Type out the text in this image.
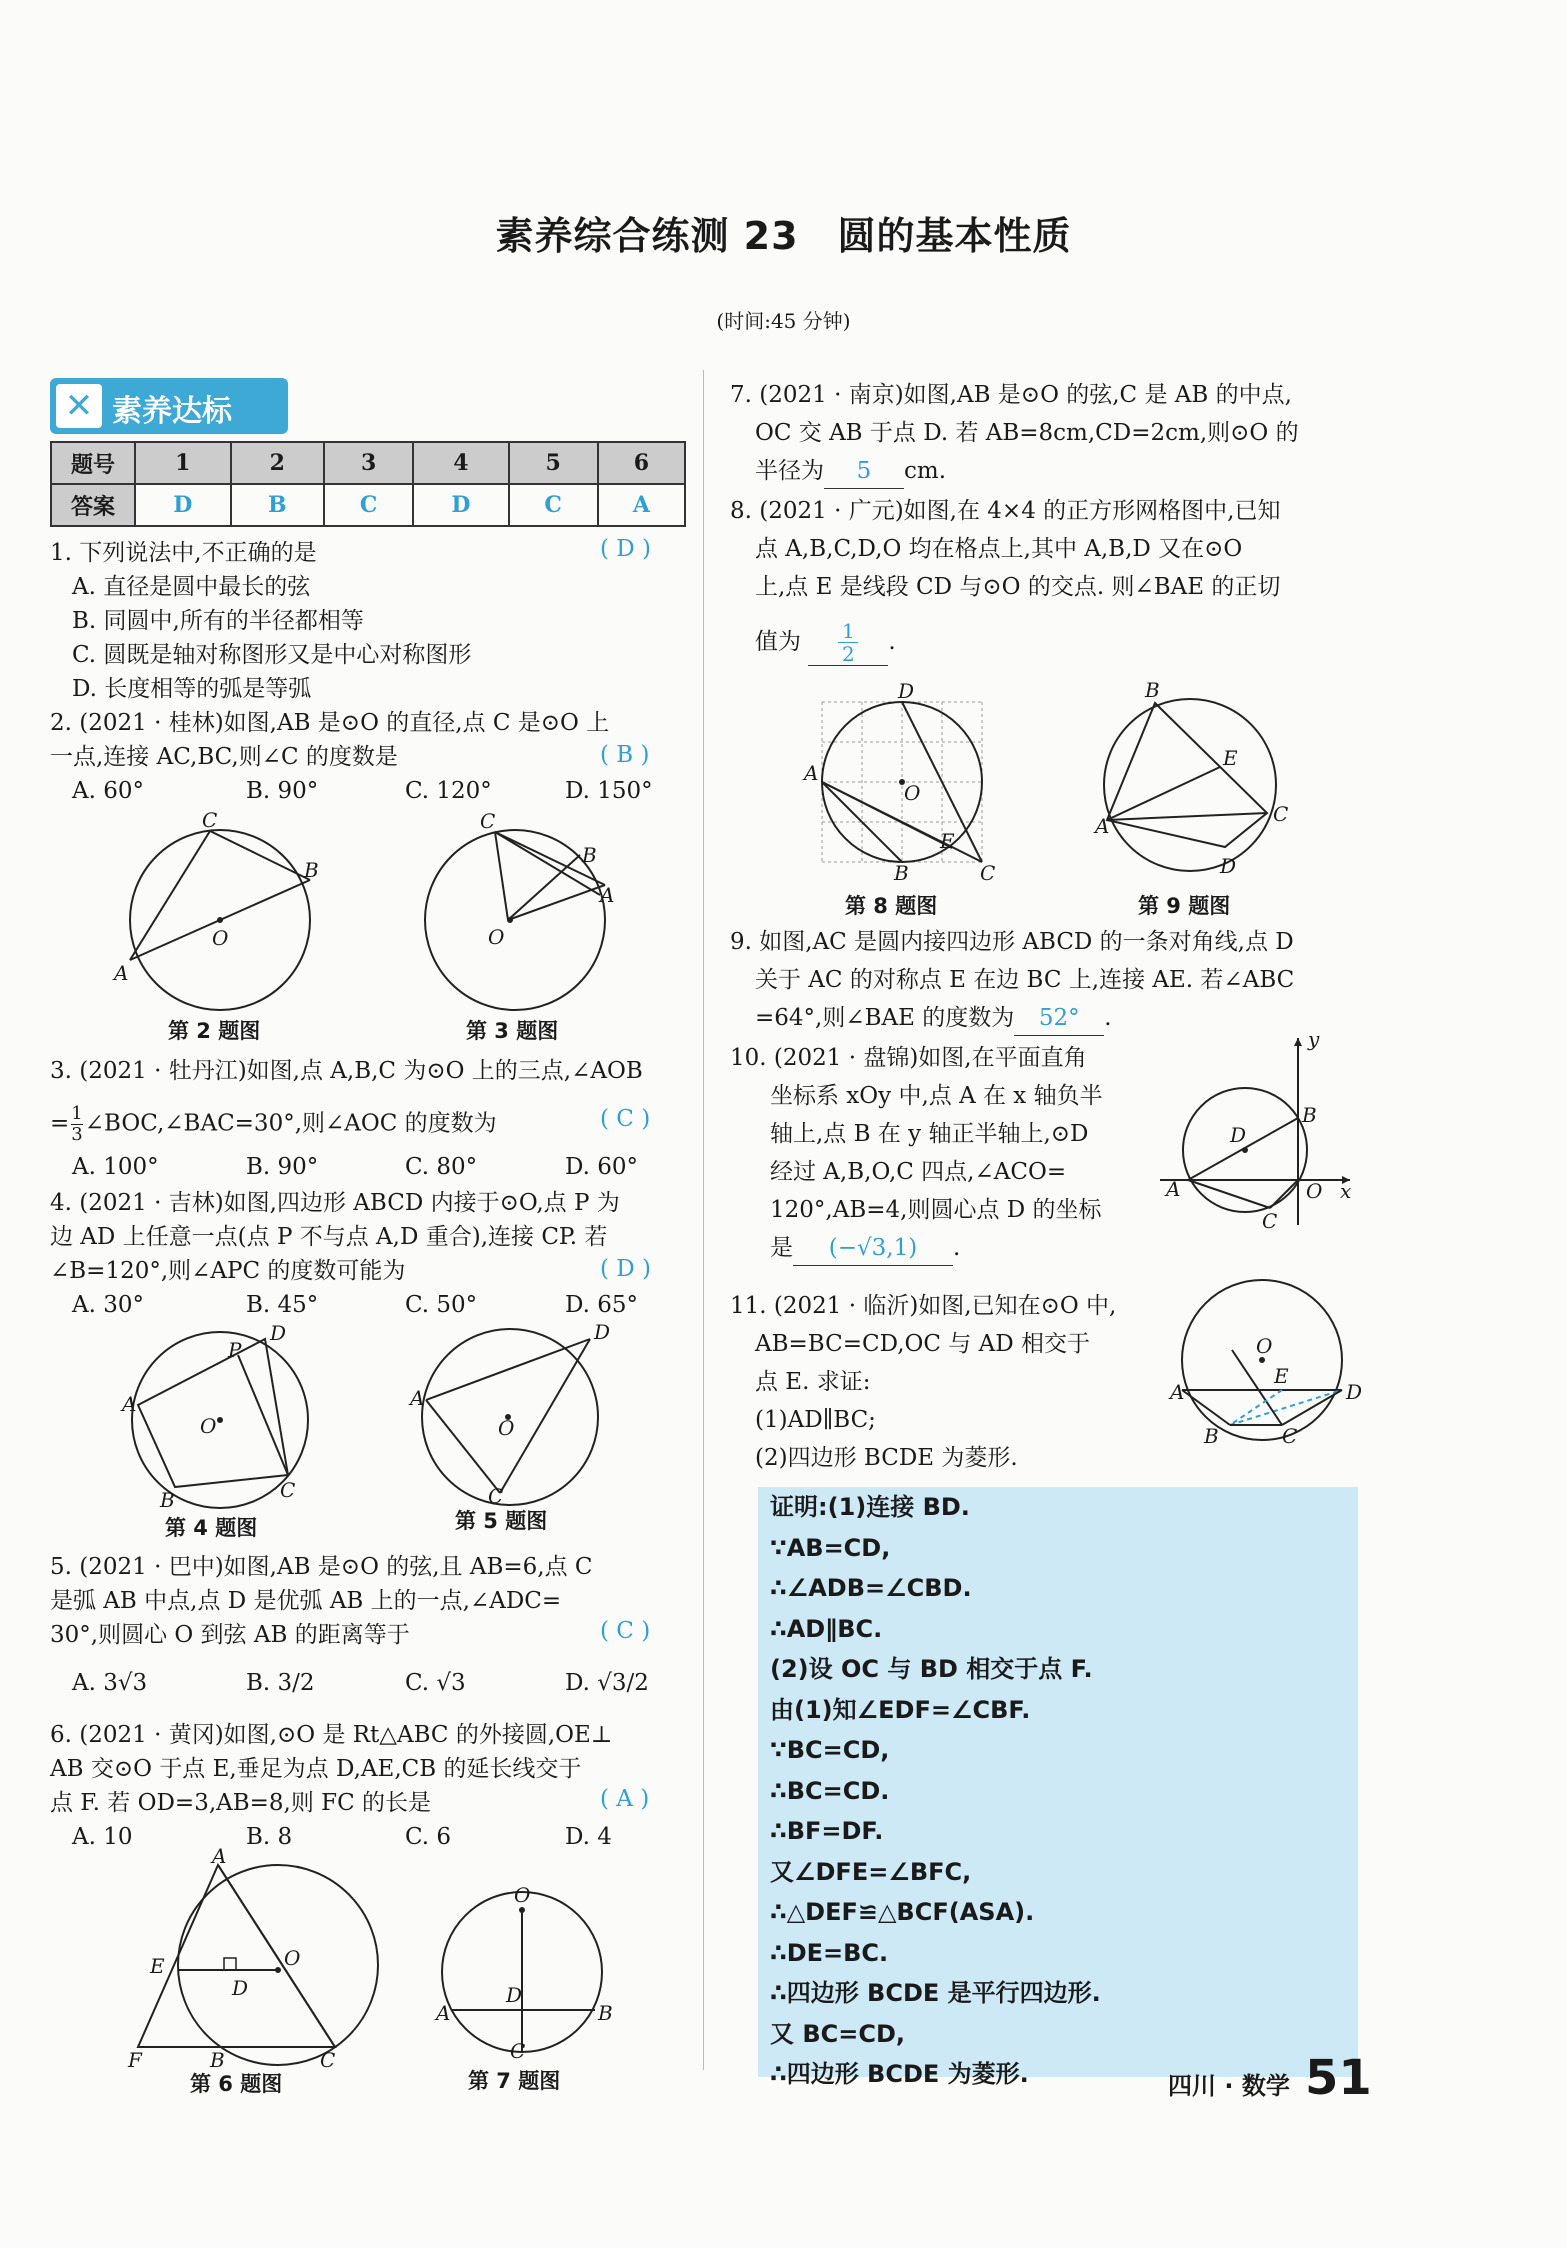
素养综合练测 23　圆的基本性质
(时间:45 分钟)
✕ 素养达标
题号	1	2	3	4	5	6
答案	D	B	C	D	C	A
1. 下列说法中,不正确的是	( D )
A. 直径是圆中最长的弦
B. 同圆中,所有的半径都相等
C. 圆既是轴对称图形又是中心对称图形
D. 长度相等的弧是等弧
2. (2021 · 桂林)如图,AB 是⊙O 的直径,点 C 是⊙O 上
一点,连接 AC,BC,则∠C 的度数是	( B )
A. 60°	B. 90°	C. 120°	D. 150°
C
B
A
O
第 2 题图
C
B
A
O
第 3 题图
3. (2021 · 牡丹江)如图,点 A,B,C 为⊙O 上的三点,∠AOB
= $\frac{1}{3}$ ∠BOC,∠BAC=30°,则∠AOC 的度数为	( C )
A. 100°	B. 90°	C. 80°	D. 60°
4. (2021 · 吉林)如图,四边形 ABCD 内接于⊙O,点 P 为
边 AD 上任意一点(点 P 不与点 A,D 重合),连接 CP. 若
∠B=120°,则∠APC 的度数可能为	( D )
A. 30°	B. 45°	C. 50°	D. 65°
P
D
A
O
B	C
第 4 题图
D
A
O
C
第 5 题图
5. (2021 · 巴中)如图,AB 是⊙O 的弦,且 AB=6,点 C
是弧 AB 中点,点 D 是优弧 AB 上的一点,∠ADC=
30°,则圆心 O 到弦 AB 的距离等于	( C )
A. 3√3	B. 3/2	C. √3	D. √3/2
6. (2021 · 黄冈)如图,⊙O 是 Rt△ABC 的外接圆,OE⊥
AB 交⊙O 于点 E,垂足为点 D,AE,CB 的延长线交于
点 F. 若 OD=3,AB=8,则 FC 的长是	( A )
A. 10	B. 8	C. 6	D. 4
A
E
D
O
F	B	C
第 6 题图
O
A
D
B
C
第 7 题图
7. (2021 · 南京)如图,AB 是⊙O 的弦,C 是 AB 的中点,
OC 交 AB 于点 D. 若 AB=8cm,CD=2cm,则⊙O 的
半径为 5 cm.
8. (2021 · 广元)如图,在 4×4 的正方形网格图中,已知
点 A,B,C,D,O 均在格点上,其中 A,B,D 又在⊙O
上,点 E 是线段 CD 与⊙O 的交点. 则∠BAE 的正切
值为 $\frac{1}{2}$ .
D
A
O
E
B	C
第 8 题图
B
E
A	C
D
第 9 题图
9. 如图,AC 是圆内接四边形 ABCD 的一条对角线,点 D
关于 AC 的对称点 E 在边 BC 上,连接 AE. 若∠ABC
=64°,则∠BAE 的度数为 52° .
10. (2021 · 盘锦)如图,在平面直角
坐标系 xOy 中,点 A 在 x 轴负半
轴上,点 B 在 y 轴正半轴上,⊙D
经过 A,B,O,C 四点,∠ACO=
120°,AB=4,则圆心点 D 的坐标
是 (−√3,1) .
y
B
D
A	O x
C
11. (2021 · 临沂)如图,已知在⊙O 中,
AB=BC=CD,OC 与 AD 相交于
点 E. 求证:
(1)AD∥BC;
(2)四边形 BCDE 为菱形.
O
E
A	D
B	C
证明:(1)连接 BD.
∵AB=CD,
∴∠ADB=∠CBD.
∴AD∥BC.
(2)设 OC 与 BD 相交于点 F.
由(1)知∠EDF=∠CBF.
∵BC=CD,
∴BC=CD.
∴BF=DF.
又∠DFE=∠BFC,
∴△DEF≌△BCF(ASA).
∴DE=BC.
∴四边形 BCDE 是平行四边形.
又 BC=CD,
∴四边形 BCDE 为菱形.	四川 · 数学 51
